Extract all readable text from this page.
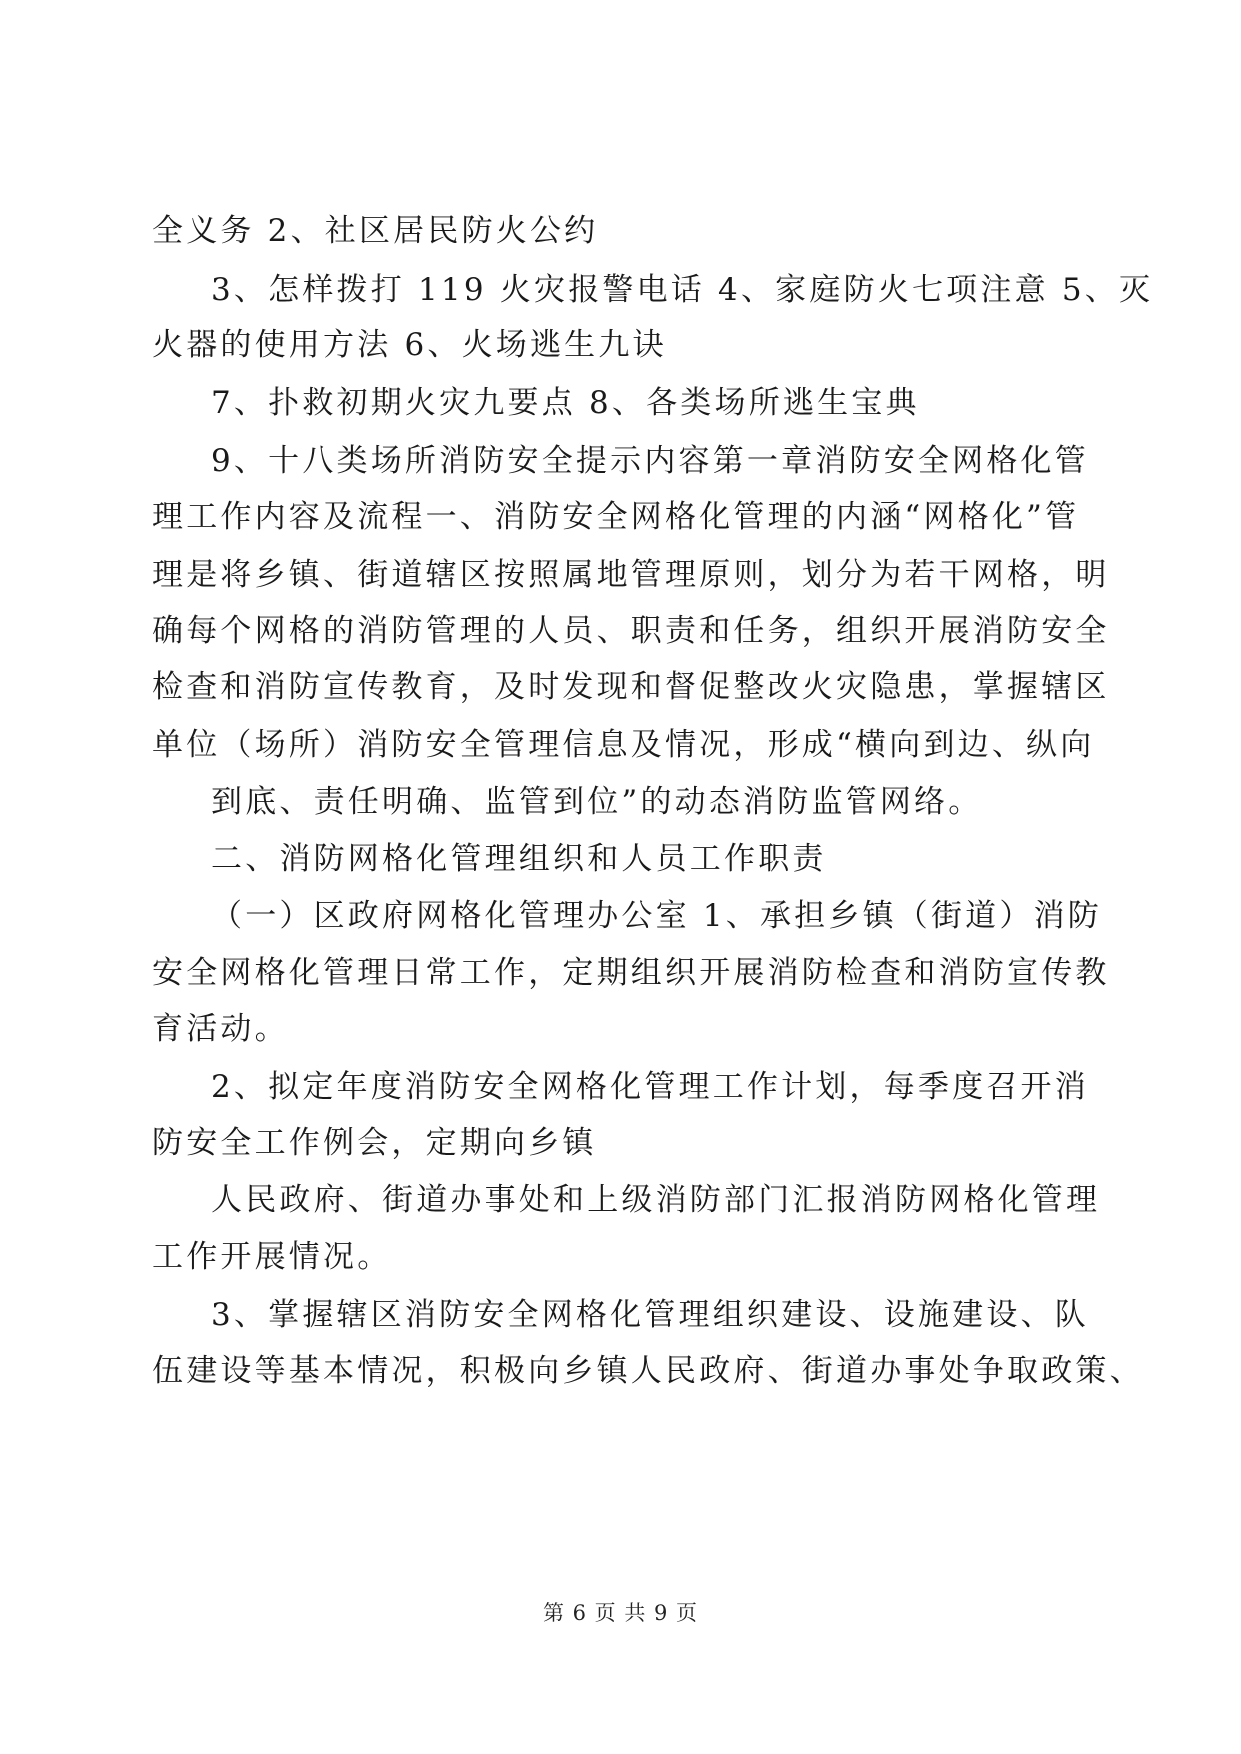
全义务 2、社区居民防火公约
3、怎样拨打 119 火灾报警电话 4、家庭防火七项注意 5、灭
火器的使用方法 6、火场逃生九诀
7、扑救初期火灾九要点 8、各类场所逃生宝典
9、十八类场所消防安全提示内容第一章消防安全网格化管
理工作内容及流程一、消防安全网格化管理的内涵“网格化”管
理是将乡镇、街道辖区按照属地管理原则，划分为若干网格，明
确每个网格的消防管理的人员、职责和任务，组织开展消防安全
检查和消防宣传教育，及时发现和督促整改火灾隐患，掌握辖区
单位（场所）消防安全管理信息及情况，形成“横向到边、纵向
到底、责任明确、监管到位”的动态消防监管网络。
二、消防网格化管理组织和人员工作职责
（一）区政府网格化管理办公室 1、承担乡镇（街道）消防
安全网格化管理日常工作，定期组织开展消防检查和消防宣传教
育活动。
2、拟定年度消防安全网格化管理工作计划，每季度召开消
防安全工作例会，定期向乡镇
人民政府、街道办事处和上级消防部门汇报消防网格化管理
工作开展情况。
3、掌握辖区消防安全网格化管理组织建设、设施建设、队
伍建设等基本情况，积极向乡镇人民政府、街道办事处争取政策、
第 6 页 共 9 页
